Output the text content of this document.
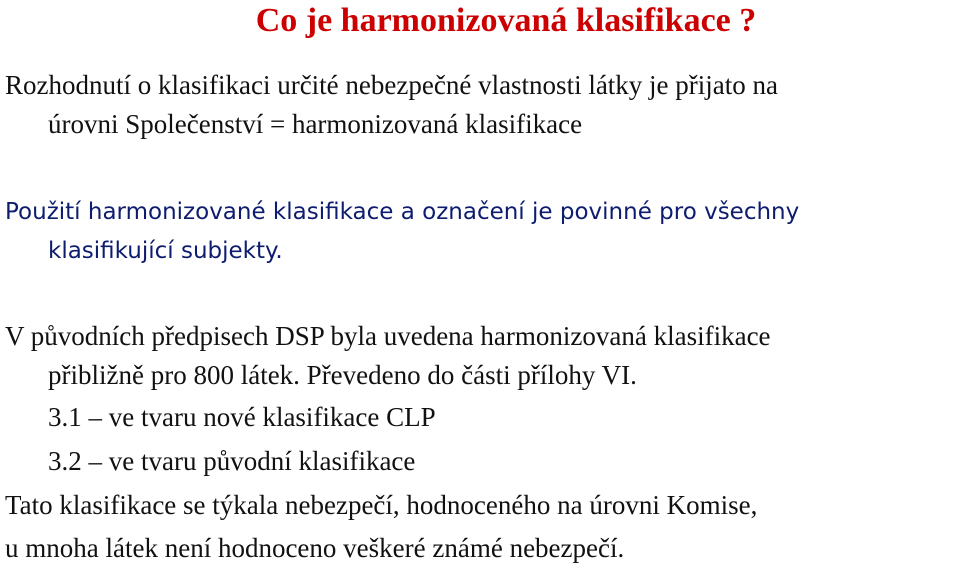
Co je harmonizovaná klasifikace ?
Rozhodnutí o klasifikaci určité nebezpečné vlastnosti látky je přijato na
úrovni Společenství = harmonizovaná klasifikace
Použití harmonizované klasifikace a označení je povinné pro všechny
klasifikující subjekty.
V původních předpisech DSP byla uvedena harmonizovaná klasifikace
přibližně pro 800 látek. Převedeno do části přílohy VI.
3.1 – ve tvaru nové klasifikace CLP
3.2 – ve tvaru původní klasifikace
Tato klasifikace se týkala nebezpečí, hodnoceného na úrovni Komise,
u mnoha látek není hodnoceno veškeré známé nebezpečí.
